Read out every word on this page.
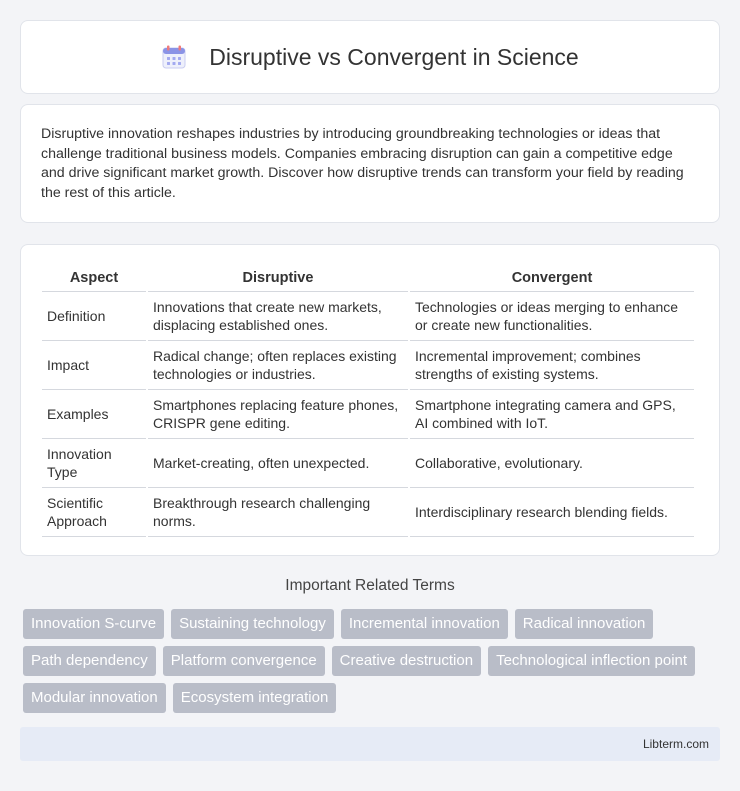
Disruptive vs Convergent in Science

Disruptive innovation reshapes industries by introducing groundbreaking technologies or ideas that challenge traditional business models. Companies embracing disruption can gain a competitive edge and drive significant market growth. Discover how disruptive trends can transform your field by reading the rest of this article.

Aspect	Disruptive	Convergent
Definition	Innovations that create new markets, displacing established ones.	Technologies or ideas merging to enhance or create new functionalities.
Impact	Radical change; often replaces existing technologies or industries.	Incremental improvement; combines strengths of existing systems.
Examples	Smartphones replacing feature phones, CRISPR gene editing.	Smartphone integrating camera and GPS, AI combined with IoT.
Innovation Type	Market-creating, often unexpected.	Collaborative, evolutionary.
Scientific Approach	Breakthrough research challenging norms.	Interdisciplinary research blending fields.
Important Related Terms
Innovation S-curve	Sustaining technology	Incremental innovation	Radical innovation
Path dependency	Platform convergence	Creative destruction	Technological inflection point
Modular innovation	Ecosystem integration
Libterm.com
